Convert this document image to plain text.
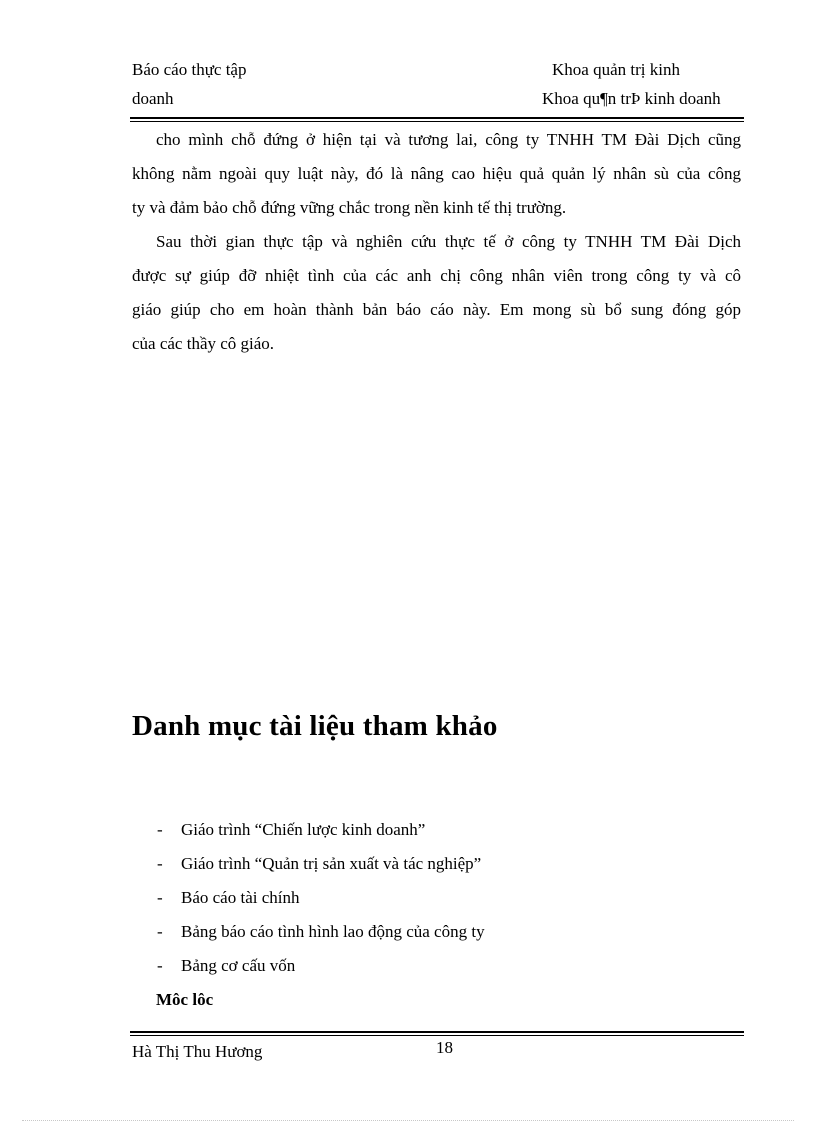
Báo cáo thực tập
doanh
Khoa quản trị kinh
Khoa qu¶n trÞ kinh doanh
cho mình chỗ đứng ở hiện tại và tương lai, công ty TNHH TM Đài Dịch cũng
không nằm ngoài quy luật này, đó là nâng cao hiệu quả quản lý nhân sù của công
ty và đảm bảo chỗ đứng vững chắc trong nền kinh tế thị trường.
Sau thời gian thực tập và nghiên cứu thực tế ở công ty TNHH TM Đài Dịch
được sự giúp đỡ nhiệt tình của các anh chị công nhân viên trong công ty và cô
giáo giúp cho em hoàn thành bản báo cáo này. Em mong sù bổ sung đóng góp
của các thầy cô giáo.
Danh mục tài liệu tham khảo
- Giáo trình “Chiến lược kinh doanh”
- Giáo trình “Quản trị sản xuất và tác nghiệp”
- Báo cáo tài chính
- Bảng báo cáo tình hình lao động của công ty
- Bảng cơ cấu vốn
Môc lôc
Hà Thị Thu Hương	18
